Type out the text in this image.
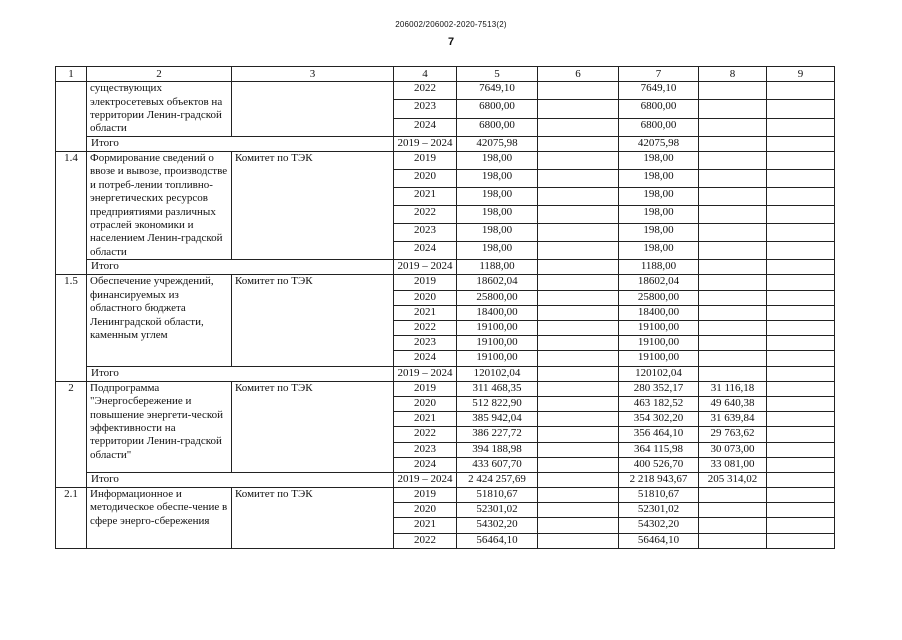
206002/206002-2020-7513(2)
7
1	2	3	4	5	6	7	8	9
	существующих электросетевых объектов на территории Ленин-градской области		2022	7649,10		7649,10		
			2023	6800,00		6800,00		
			2024	6800,00		6800,00		
	Итого		2019 – 2024	42075,98		42075,98		
1.4	Формирование сведений о ввозе и вывозе, производстве и потреб-лении топливно-энергетических ресурсов предприятиями различных отраслей экономики и населением Ленин-градской области	Комитет по ТЭК	2019	198,00		198,00		
			2020	198,00		198,00		
			2021	198,00		198,00		
			2022	198,00		198,00		
			2023	198,00		198,00		
			2024	198,00		198,00		
	Итого		2019 – 2024	1188,00		1188,00		
1.5	Обеспечение учреждений, финансируемых из областного бюджета Ленинградской области, каменным углем	Комитет по ТЭК	2019	18602,04		18602,04		
			2020	25800,00		25800,00		
			2021	18400,00		18400,00		
			2022	19100,00		19100,00		
			2023	19100,00		19100,00		
			2024	19100,00		19100,00		
	Итого		2019 – 2024	120102,04		120102,04		
2	Подпрограмма "Энергосбережение и повышение энергети-ческой эффективности на территории Ленин-градской области"	Комитет по ТЭК	2019	311 468,35		280 352,17	31 116,18	
			2020	512 822,90		463 182,52	49 640,38	
			2021	385 942,04		354 302,20	31 639,84	
			2022	386 227,72		356 464,10	29 763,62	
			2023	394 188,98		364 115,98	30 073,00	
			2024	433 607,70		400 526,70	33 081,00	
	Итого		2019 – 2024	2 424 257,69		2 218 943,67	205 314,02	
2.1	Информационное и методическое обеспе-чение в сфере энерго-сбережения	Комитет по ТЭК	2019	51810,67		51810,67		
			2020	52301,02		52301,02		
			2021	54302,20		54302,20		
			2022	56464,10		56464,10		
